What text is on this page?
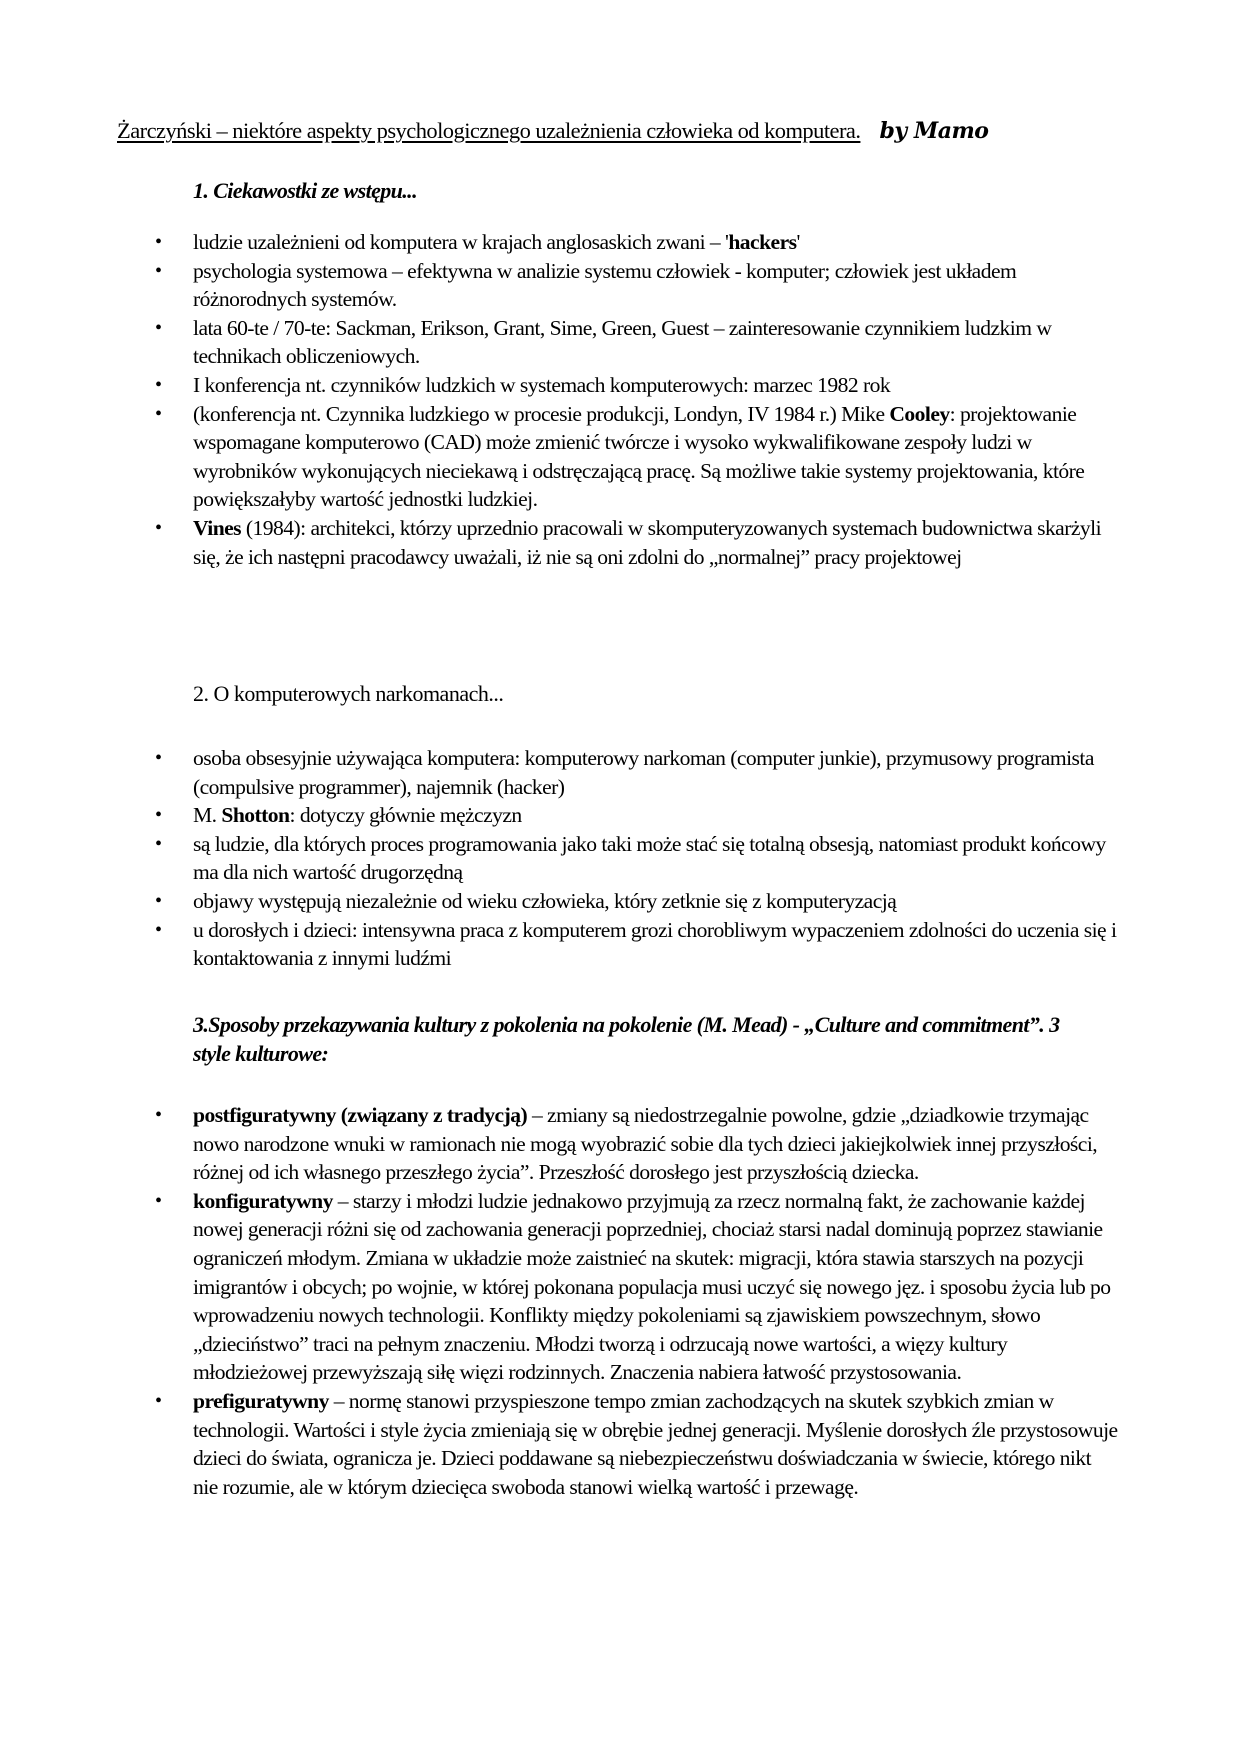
Żarczyński – niektóre aspekty psychologicznego uzależnienia człowieka od komputera. by Mamo
1. Ciekawostki ze wstępu...
• ludzie uzależnieni od komputera w krajach anglosaskich zwani – 'hackers'
• psychologia systemowa – efektywna w analizie systemu człowiek - komputer; człowiek jest układem różnorodnych systemów.
• lata 60-te / 70-te: Sackman, Erikson, Grant, Sime, Green, Guest – zainteresowanie czynnikiem ludzkim w technikach obliczeniowych.
• I konferencja nt. czynników ludzkich w systemach komputerowych: marzec 1982 rok
• (konferencja nt. Czynnika ludzkiego w procesie produkcji, Londyn, IV 1984 r.) Mike Cooley: projektowanie wspomagane komputerowo (CAD) może zmienić twórcze i wysoko wykwalifikowane zespoły ludzi w wyrobników wykonujących nieciekawą i odstręczającą pracę. Są możliwe takie systemy projektowania, które powiększałyby wartość jednostki ludzkiej.
• Vines (1984): architekci, którzy uprzednio pracowali w skomputeryzowanych systemach budownictwa skarżyli się, że ich następni pracodawcy uważali, iż nie są oni zdolni do „normalnej” pracy projektowej
2. O komputerowych narkomanach...
• osoba obsesyjnie używająca komputera: komputerowy narkoman (computer junkie), przymusowy programista (compulsive programmer), najemnik (hacker)
• M. Shotton: dotyczy głównie mężczyzn
• są ludzie, dla których proces programowania jako taki może stać się totalną obsesją, natomiast produkt końcowy ma dla nich wartość drugorzędną
• objawy występują niezależnie od wieku człowieka, który zetknie się z komputeryzacją
• u dorosłych i dzieci: intensywna praca z komputerem grozi chorobliwym wypaczeniem zdolności do uczenia się i kontaktowania z innymi ludźmi
3.Sposoby przekazywania kultury z pokolenia na pokolenie (M. Mead) - „Culture and commitment”. 3 style kulturowe:
• postfiguratywny (związany z tradycją) – zmiany są niedostrzegalnie powolne, gdzie „dziadkowie trzymając nowo narodzone wnuki w ramionach nie mogą wyobrazić sobie dla tych dzieci jakiejkolwiek innej przyszłości, różnej od ich własnego przeszłego życia”. Przeszłość dorosłego jest przyszłością dziecka.
• konfiguratywny – starzy i młodzi ludzie jednakowo przyjmują za rzecz normalną fakt, że zachowanie każdej nowej generacji różni się od zachowania generacji poprzedniej, chociaż starsi nadal dominują poprzez stawianie ograniczeń młodym. Zmiana w układzie może zaistnieć na skutek: migracji, która stawia starszych na pozycji imigrantów i obcych; po wojnie, w której pokonana populacja musi uczyć się nowego jęz. i sposobu życia lub po wprowadzeniu nowych technologii. Konflikty między pokoleniami są zjawiskiem powszechnym, słowo „dzieciństwo” traci na pełnym znaczeniu. Młodzi tworzą i odrzucają nowe wartości, a więzy kultury młodzieżowej przewyższają siłę więzi rodzinnych. Znaczenia nabiera łatwość przystosowania.
• prefiguratywny – normę stanowi przyspieszone tempo zmian zachodzących na skutek szybkich zmian w technologii. Wartości i style życia zmieniają się w obrębie jednej generacji. Myślenie dorosłych źle przystosowuje dzieci do świata, ogranicza je. Dzieci poddawane są niebezpieczeństwu doświadczania w świecie, którego nikt nie rozumie, ale w którym dziecięca swoboda stanowi wielką wartość i przewagę.
